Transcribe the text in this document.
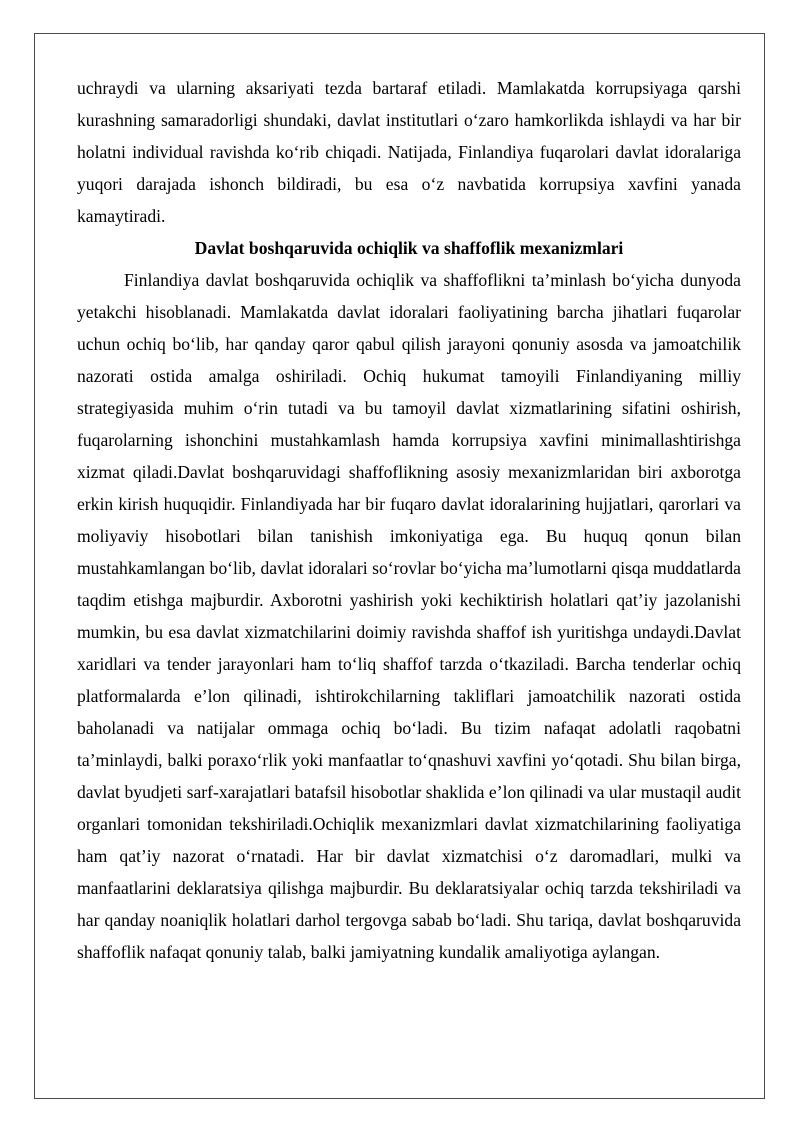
uchraydi va ularning aksariyati tezda bartaraf etiladi. Mamlakatda korrupsiyaga qarshi kurashning samaradorligi shundaki, davlat institutlari o‘zaro hamkorlikda ishlaydi va har bir holatni individual ravishda ko‘rib chiqadi. Natijada, Finlandiya fuqarolari davlat idoralariga yuqori darajada ishonch bildiradi, bu esa o‘z navbatida korrupsiya xavfini yanada kamaytiradi.

Davlat boshqaruvida ochiqlik va shaffoflik mexanizmlari

Finlandiya davlat boshqaruvida ochiqlik va shaffoflikni ta’minlash bo‘yicha dunyoda yetakchi hisoblanadi. Mamlakatda davlat idoralari faoliyatining barcha jihatlari fuqarolar uchun ochiq bo‘lib, har qanday qaror qabul qilish jarayoni qonuniy asosda va jamoatchilik nazorati ostida amalga oshiriladi. Ochiq hukumat tamoyili Finlandiyaning milliy strategiyasida muhim o‘rin tutadi va bu tamoyil davlat xizmatlarining sifatini oshirish, fuqarolarning ishonchini mustahkamlash hamda korrupsiya xavfini minimallashtirishga xizmat qiladi.Davlat boshqaruvidagi shaffoflikning asosiy mexanizmlaridan biri axborotga erkin kirish huquqidir. Finlandiyada har bir fuqaro davlat idoralarining hujjatlari, qarorlari va moliyaviy hisobotlari bilan tanishish imkoniyatiga ega. Bu huquq qonun bilan mustahkamlangan bo‘lib, davlat idoralari so‘rovlar bo‘yicha ma’lumotlarni qisqa muddatlarda taqdim etishga majburdir. Axborotni yashirish yoki kechiktirish holatlari qat’iy jazolanishi mumkin, bu esa davlat xizmatchilarini doimiy ravishda shaffof ish yuritishga undaydi.Davlat xaridlari va tender jarayonlari ham to‘liq shaffof tarzda o‘tkaziladi. Barcha tenderlar ochiq platformalarda e’lon qilinadi, ishtirokchilarning takliflari jamoatchilik nazorati ostida baholanadi va natijalar ommaga ochiq bo‘ladi. Bu tizim nafaqat adolatli raqobatni ta’minlaydi, balki poraxo‘rlik yoki manfaatlar to‘qnashuvi xavfini yo‘qotadi. Shu bilan birga, davlat byudjeti sarf-xarajatlari batafsil hisobotlar shaklida e’lon qilinadi va ular mustaqil audit organlari tomonidan tekshiriladi.Ochiqlik mexanizmlari davlat xizmatchilarining faoliyatiga ham qat’iy nazorat o‘rnatadi. Har bir davlat xizmatchisi o‘z daromadlari, mulki va manfaatlarini deklaratsiya qilishga majburdir. Bu deklaratsiyalar ochiq tarzda tekshiriladi va har qanday noaniqlik holatlari darhol tergovga sabab bo‘ladi. Shu tariqa, davlat boshqaruvida shaffoflik nafaqat qonuniy talab, balki jamiyatning kundalik amaliyotiga aylangan.
